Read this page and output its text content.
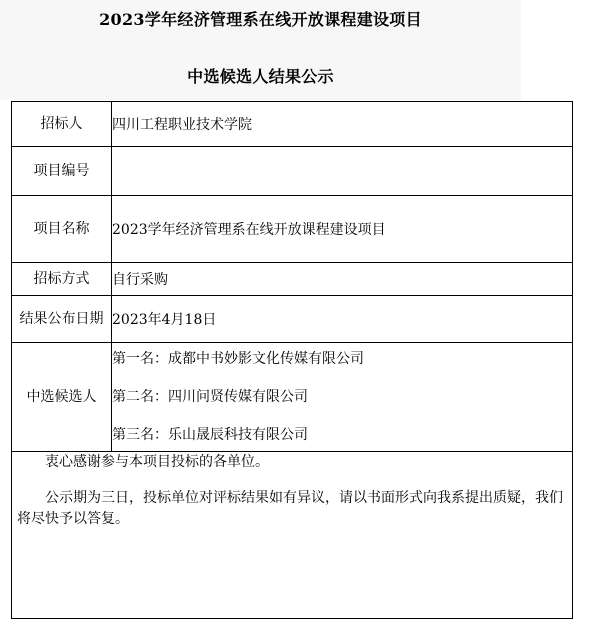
2023学年经济管理系在线开放课程建设项目
中选候选人结果公示
招标人	四川工程职业技术学院
项目编号	
项目名称	2023学年经济管理系在线开放课程建设项目
招标方式	自行采购
结果公布日期	2023年4月18日
中选候选人	第一名：成都中书妙影文化传媒有限公司
第二名：四川问贤传媒有限公司
第三名：乐山晟辰科技有限公司

衷心感谢参与本项目投标的各单位。

公示期为三日，投标单位对评标结果如有异议，请以书面形式向我系提出质疑，我们将尽快予以答复。	
